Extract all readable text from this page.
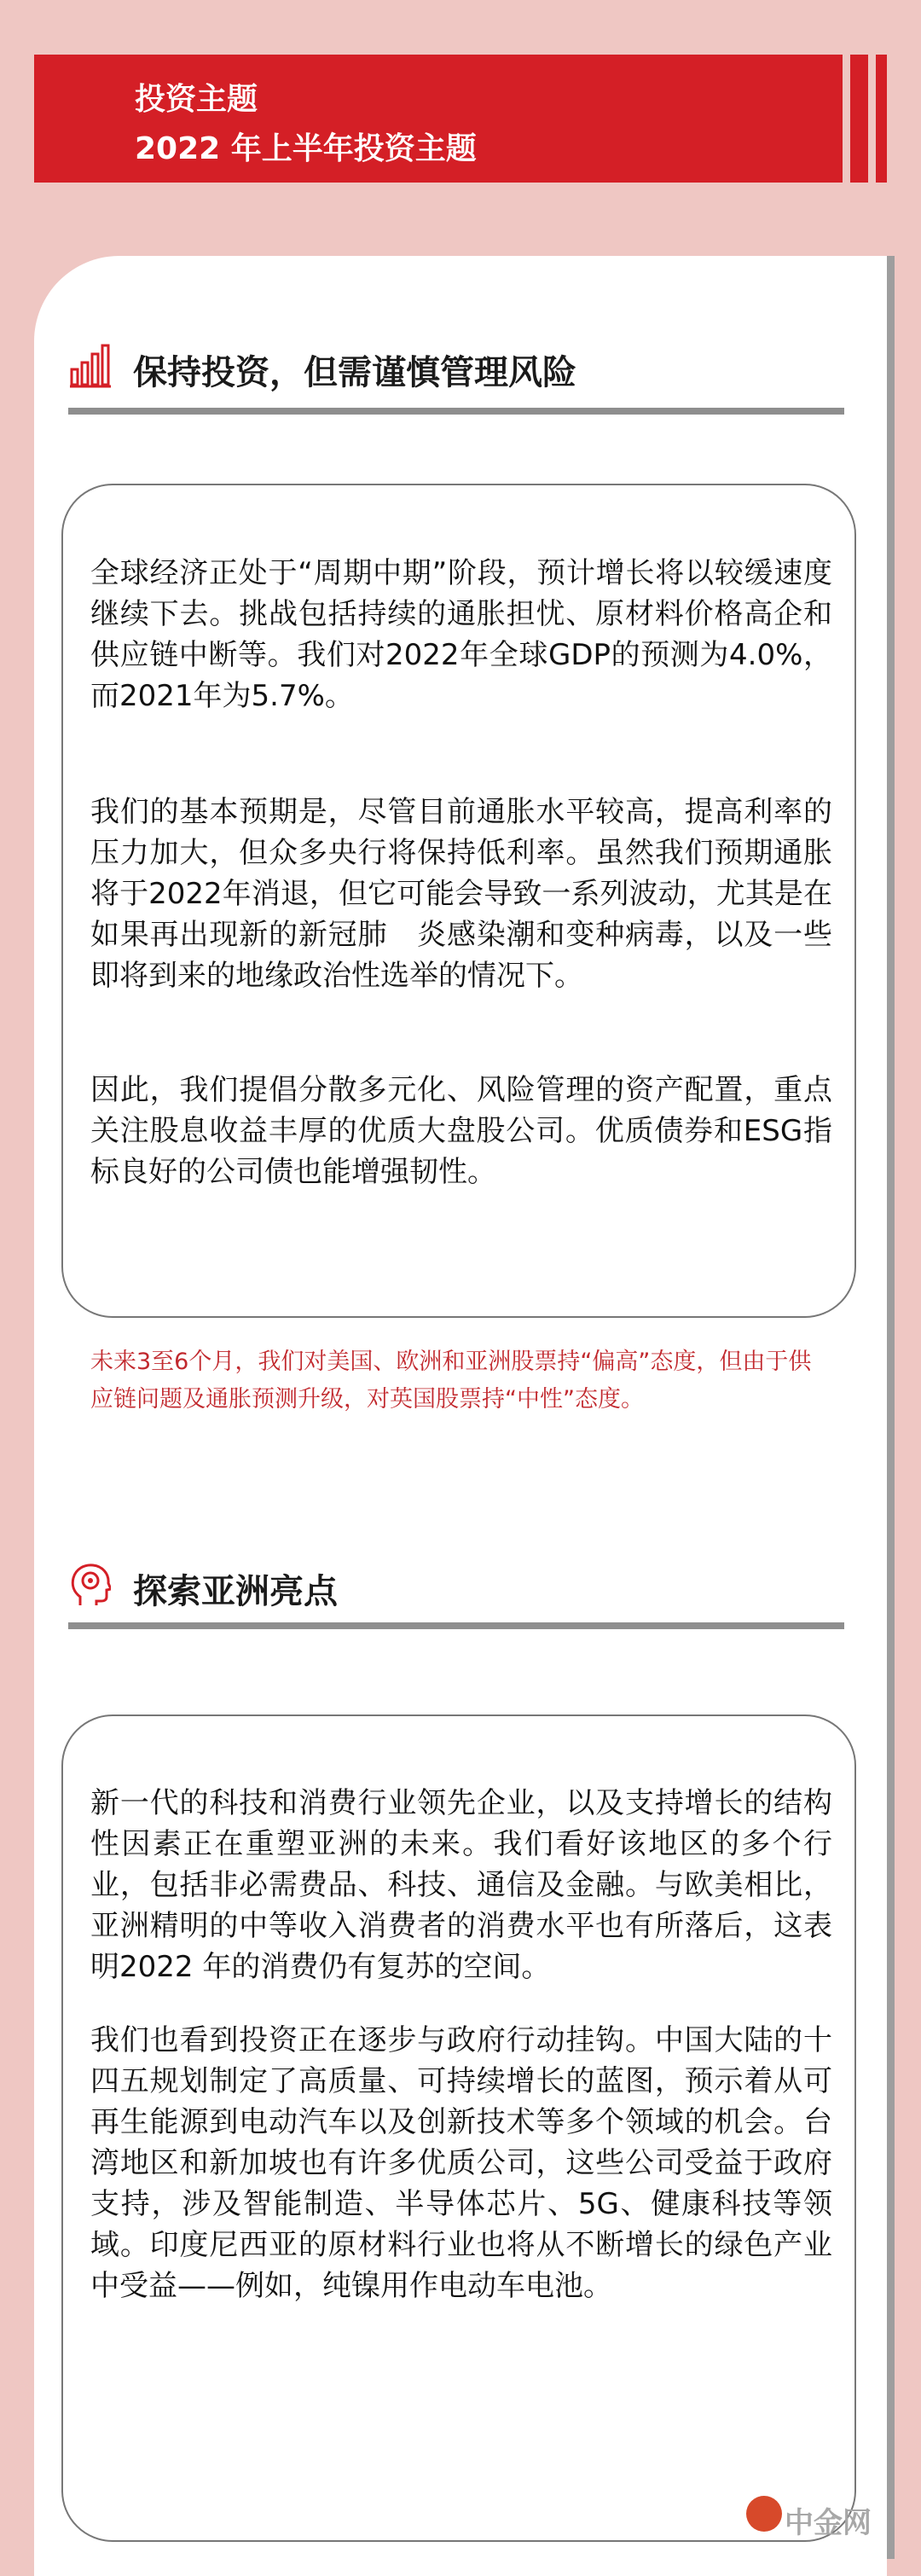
投资主题
2022 年上半年投资主题
保持投资，但需谨慎管理风险
全球经济正处于“周期中期”阶段，预计增长将以较缓速度继续下去。挑战包括持续的通胀担忧、原材料价格高企和供应链中断等。我们对2022年全球GDP的预测为4.0%，而2021年为5.7%。
我们的基本预期是，尽管目前通胀水平较高，提高利率的压力加大，但众多央行将保持低利率。虽然我们预期通胀将于2022年消退，但它可能会导致一系列波动，尤其是在如果再出现新的新冠肺　炎感染潮和变种病毒，以及一些即将到来的地缘政治性选举的情况下。
因此，我们提倡分散多元化、风险管理的资产配置，重点关注股息收益丰厚的优质大盘股公司。优质债券和ESG指标良好的公司债也能增强韧性。
未来3至6个月，我们对美国、欧洲和亚洲股票持“偏高”态度，但由于供应链问题及通胀预测升级，对英国股票持“中性”态度。
探索亚洲亮点
新一代的科技和消费行业领先企业，以及支持增长的结构性因素正在重塑亚洲的未来。我们看好该地区的多个行业，包括非必需费品、科技、通信及金融。与欧美相比，亚洲精明的中等收入消费者的消费水平也有所落后，这表明2022 年的消费仍有复苏的空间。
我们也看到投资正在逐步与政府行动挂钩。中国大陆的十四五规划制定了高质量、可持续增长的蓝图，预示着从可再生能源到电动汽车以及创新技术等多个领域的机会。台湾地区和新加坡也有许多优质公司，这些公司受益于政府支持，涉及智能制造、半导体芯片、5G、健康科技等领域。印度尼西亚的原材料行业也将从不断增长的绿色产业中受益——例如，纯镍用作电动车电池。
中金网
